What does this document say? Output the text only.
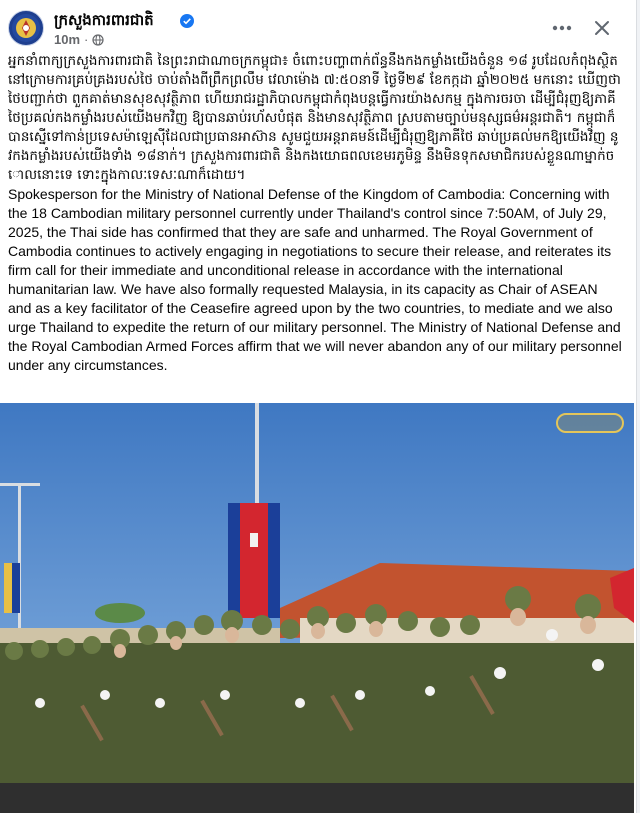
ក្រសួងការពារជាតិ
10m ·

អ្នកនាំពាក្យក្រសួងការពារជាតិ នៃព្រះរាជាណាចក្រកម្ពុជា៖ ចំពោះបញ្ហាពាក់ព័ន្ធនឹងកងកម្លាំងយើងចំនួន ១៨ រូបដែលកំពុងស្ថិតនៅក្រោមការគ្រប់គ្រងរបស់ថៃ ចាប់តាំងពីព្រឹកព្រលឹម វេលាម៉ោង ៧:៥០នាទី ថ្ងៃទី២៩ ខែកក្កដា ឆ្នាំ២០២៥ មកនោះ ឃើញថាថៃបញ្ជាក់ថា ពួកគាត់មានសុខសុវត្ថិភាព ហើយរាជរដ្ឋាភិបាលកម្ពុជាកំពុងបន្តធ្វើការយ៉ាងសកម្ម ក្នុងការចរចា ដើម្បីជំរុញឱ្យភាគីថៃប្រគល់កងកម្លាំងរបស់យើងមកវិញ ឱ្យបានឆាប់រហ័សបំផុត និងមានសុវត្ថិភាព ស្របតាមច្បាប់មនុស្សធម៌អន្តរជាតិ។ កម្ពុជាក៏បានស្នើទៅកាន់ប្រទេសម៉ាឡេស៊ីដែលជាប្រធានអាស៊ាន សូមជួយអន្តរាគមន៍ដើម្បីជំរុញឱ្យភាគីថៃ ឆាប់ប្រគល់មកឱ្យយើងវិញ នូវកងកម្លាំងរបស់យើងទាំង ១៨នាក់។ ក្រសួងការពារជាតិ និងកងយោធពលខេមរភូមិន្ទ នឹងមិនទុកសមាជិករបស់ខ្លួនណាម្នាក់ចោលនោះទេ ទោះក្នុងកាលៈទេសៈណាក៏ដោយ។

Spokesperson for the Ministry of National Defense of the Kingdom of Cambodia: Concerning with the 18 Cambodian military personnel currently under Thailand's control since 7:50AM, of July 29, 2025, the Thai side has confirmed that they are safe and unharmed. The Royal Government of Cambodia continues to actively engaging in negotiations to secure their release, and reiterates its firm call for their immediate and unconditional release in accordance with the international humanitarian law. We have also formally requested Malaysia, in its capacity as Chair of ASEAN and as a key facilitator of the Ceasefire agreed upon by the two countries, to mediate and we also urge Thailand to expedite the return of our military personnel. The Ministry of National Defense and the Royal Cambodian Armed Forces affirm that we will never abandon any of our military personnel under any circumstances.
